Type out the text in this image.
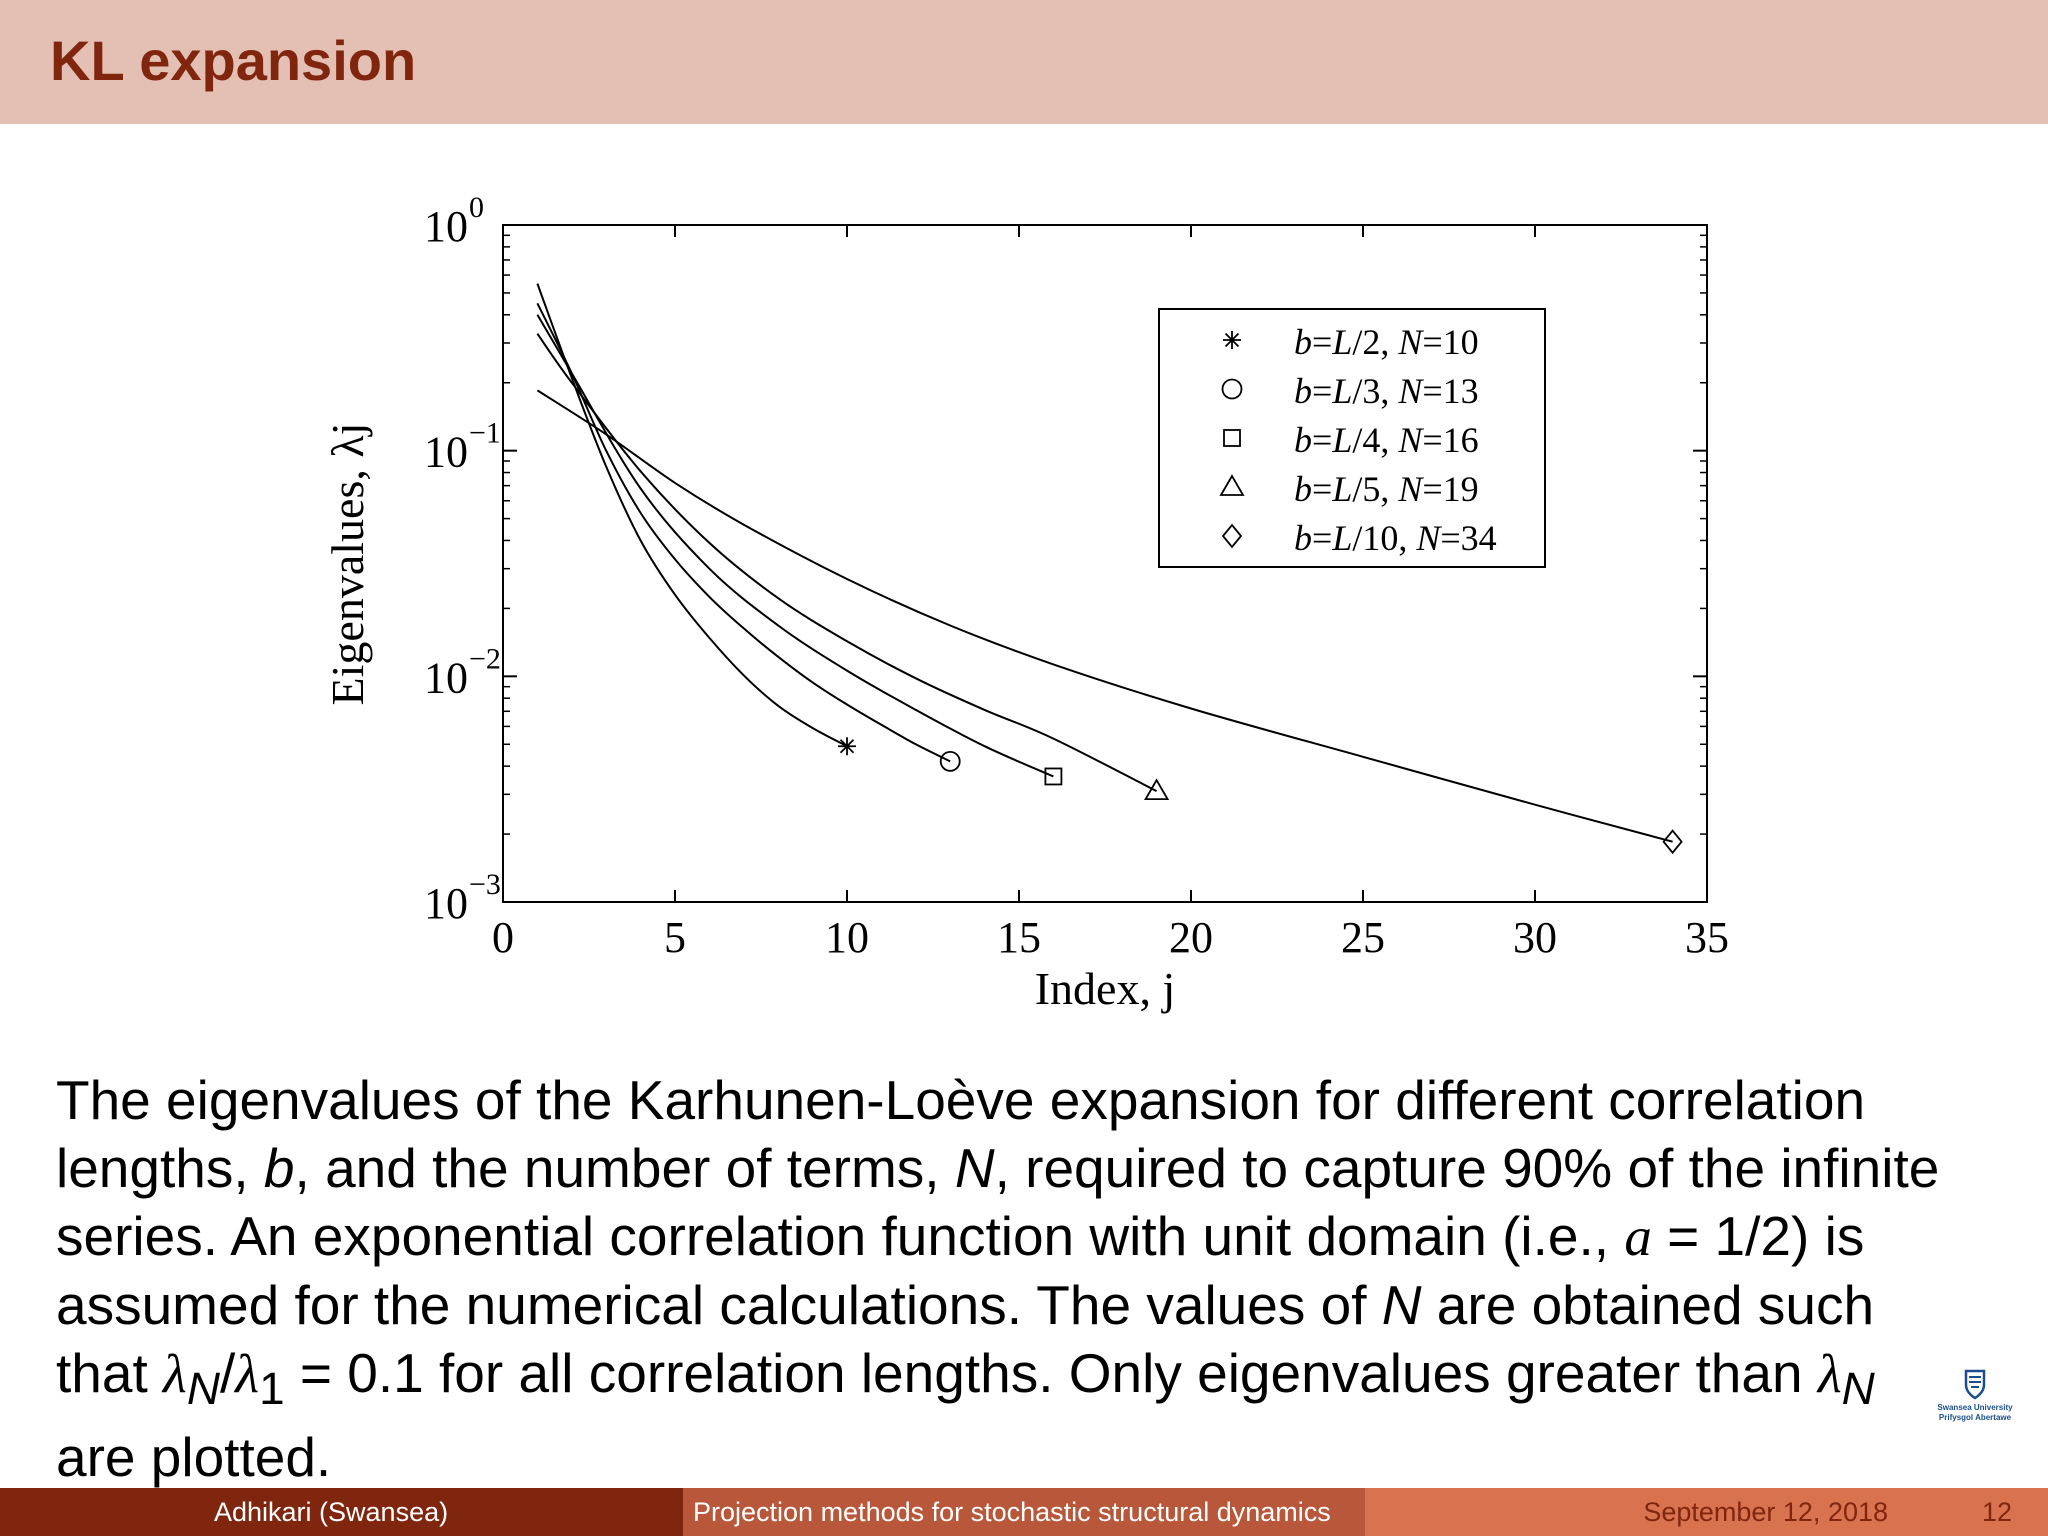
KL expansion
0	5	10	15	20	25	30	35
10 0
10 −1
10 −2
10 −3
Index, j
Eigenvalues, λj
b=L/2, N=10
b=L/3, N=13
b=L/4, N=16
b=L/5, N=19
b=L/10, N=34

The eigenvalues of the Karhunen-Loève expansion for different correlation

lengths, b, and the number of terms, N, required to capture 90% of the infinite

series. An exponential correlation function with unit domain (i.e., a = 1/2) is

assumed for the numerical calculations. The values of N are obtained such

that $\lambda_N/\lambda_1 = 0.1$ for all correlation lengths. Only eigenvalues greater than $\lambda_N$

are plotted.

Swansea University
Prifysgol Abertawe
Adhikari (Swansea)	Projection methods for stochastic structural dynamics	September 12, 2018	12
